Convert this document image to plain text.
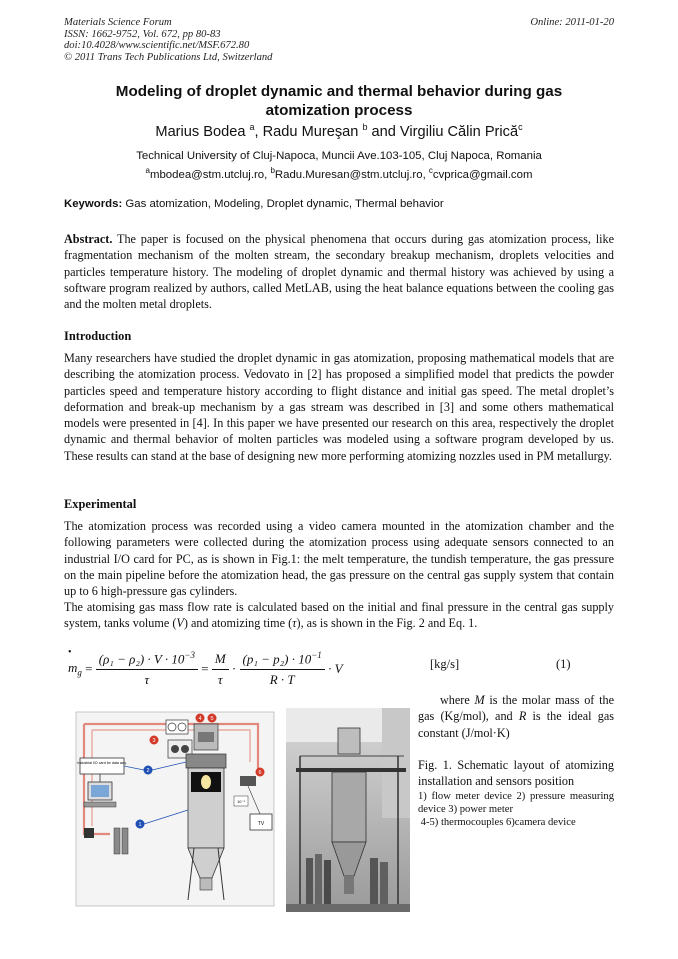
Materials Science Forum
ISSN: 1662-9752, Vol. 672, pp 80-83
doi:10.4028/www.scientific.net/MSF.672.80
© 2011 Trans Tech Publications Ltd, Switzerland
Online: 2011-01-20
Modeling of droplet dynamic and thermal behavior during gas
atomization process
Marius Bodea $^a$, Radu Mureşan $^b$ and Virgiliu Călin Prică$^c$
Technical University of Cluj-Napoca, Muncii Ave.103-105, Cluj Napoca, Romania
$^a$mbodea@stm.utcluj.ro, $^b$Radu.Muresan@stm.utcluj.ro, $^c$cvprica@gmail.com
Keywords: Gas atomization, Modeling, Droplet dynamic, Thermal behavior
Abstract. The paper is focused on the physical phenomena that occurs during gas atomization process, like fragmentation mechanism of the molten stream, the secondary breakup mechanism, droplets velocities and particles temperature history. The modeling of droplet dynamic and thermal history was achieved by using a software program realized by authors, called MetLAB, using the heat balance equations between the cooling gas and the molten metal droplets.
Introduction
Many researchers have studied the droplet dynamic in gas atomization, proposing mathematical models that are describing the atomization process. Vedovato in [2] has proposed a simplified model that predicts the powder particles speed and temperature history according to flight distance and initial gas speed. The metal droplet’s deformation and break-up mechanism by a gas stream was described in [3] and some others mathematical models were presented in [4]. In this paper we have presented our research on this area, respectively the droplet dynamic and thermal behavior of molten particles was modeled using a software program developed by us. These results can stand at the base of designing new more performing atomizing nozzles used in PM metallurgy.
Experimental
The atomization process was recorded using a video camera mounted in the atomization chamber and the following parameters were collected during the atomization process using adequate sensors connected to an industrial I/O card for PC, as is shown in Fig.1: the melt temperature, the tundish temperature, the gas pressure on the main pipeline before the atomization head, the gas pressure on the central gas supply system that contain up to 6 high-pressure gas cylinders.
The atomising gas mass flow rate is calculated based on the initial and final pressure in the central gas supply system, tanks volume (V) and atomizing time (τ), as is shown in the Fig. 2 and Eq. 1.
•
$m_g = \frac{(\rho_1 - \rho_2) \cdot V \cdot 10^{-3}}{\tau} = \frac{M}{\tau} \cdot \frac{(p_1 - p_2) \cdot 10^{-1}}{R \cdot T} \cdot V$	[kg/s]	(1)
where M is the molar mass of the gas (Kg/mol), and R is the ideal gas constant (J/mol·K)
Fig. 1. Schematic layout of atomizing installation and sensors position
1) flow meter device 2) pressure measuring device 3) power meter
4-5) thermocouples 6)camera device
Industrial I/O card for data acq.
TV
10⁻¹
1
2
3
4 5
6
